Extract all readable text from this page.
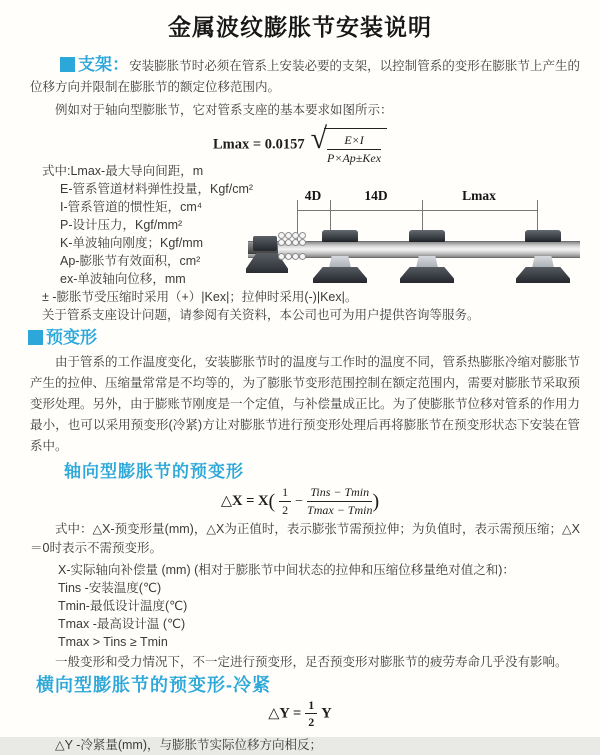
金属波纹膨胀节安装说明

支架：安装膨胀节时必须在管系上安装必要的支架，以控制管系的变形在膨胀节上产生的位移方向并限制在膨胀节的额定位移范围内。

例如对于轴向型膨胀节，它对管系支座的基本要求如图所示：

Lmax = 0.0157 √ $\frac{E\times I}{\text{P×Ap±Kex}}$
式中:Lmax-最大导向间距，m
E-管系管道材料弹性投量，Kgf/cm²
I-管系管道的惯性矩，cm⁴
P-设计压力，Kgf/mm²
K-单波轴向刚度；Kgf/mm
Ap-膨胀节有效面积，cm²
ex-单波轴向位移，mm
± -膨胀节受压缩时采用（+）|Kex|；拉伸时采用(-)|Kex|。
关于管系支座设计问题，请参阅有关资料，本公司也可为用户提供咨询等服务。
4D	14D	Lmax
预变形

由于管系的工作温度变化，安装膨胀节时的温度与工作时的温度不同，管系热膨胀冷缩对膨胀节产生的拉伸、压缩量常常是不均等的，为了膨胀节变形范围控制在额定范围内，需要对膨胀节采取预变形处理。另外，由于膨账节刚度是一个定值，与补偿量成正比。为了使膨胀节位移对管系的作用力最小，也可以采用预变形(冷紧)方让对膨胀节进行预变形处理后再将膨胀节在预变形状态下安装在管系中。

轴向型膨胀节的预变形
△X = $X( \frac{1}{2} - \frac{\text{Tins − Tmin}}{Tmax - Tmin}$ )

式中：△X-预变形量(mm)，△X为正值时，表示膨张节需预拉伸；为负值时，表示需预压缩；△X＝0时表示不需预变形。

X-实际轴向补偿量 (mm) (相对于膨胀节中间状态的拉伸和压缩位移量绝对值之和)：
Tins -安装温度(℃)
Tmin-最低设计温度(℃)
Tmax -最高设计温 (℃)
Tmax > Tins ≥ Tmin

一般变形和受力情况下，不一定进行预变形，足否预变形对膨胀节的疲劳寿命几乎没有影响。

横向型膨胀节的预变形-冷紧
△Y = $\frac{1}{2}$ Y

△Y -冷紧量(mm)，与膨胀节实际位移方向相反；
